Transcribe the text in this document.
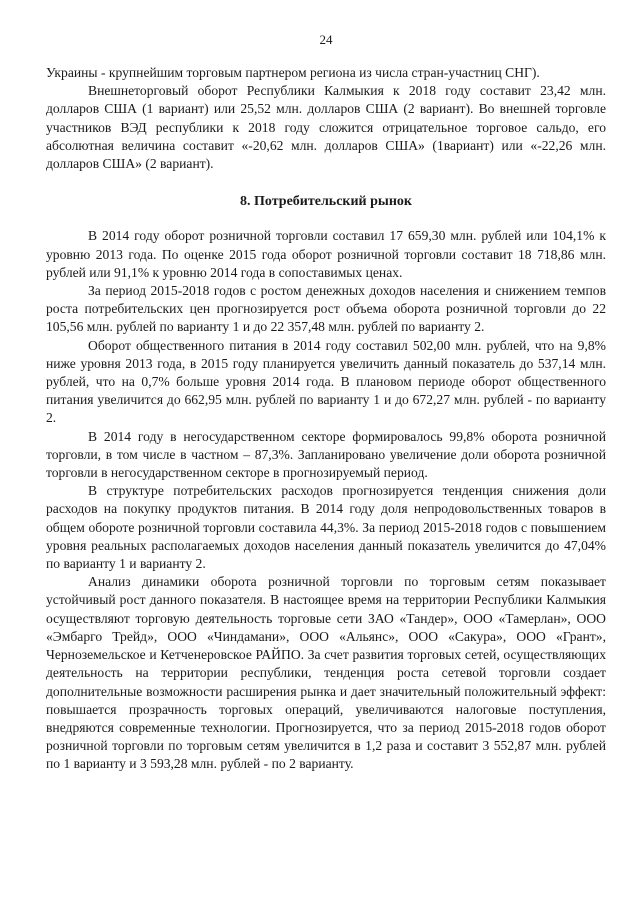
24

Украины - крупнейшим торговым партнером региона из числа стран-участниц СНГ).

Внешнеторговый оборот Республики Калмыкия к 2018 году составит 23,42 млн. долларов США (1 вариант) или 25,52 млн. долларов США (2 вариант). Во внешней торговле участников ВЭД республики к 2018 году сложится отрицательное торговое сальдо, его абсолютная величина составит «-20,62 млн. долларов США» (1вариант) или «-22,26 млн. долларов США» (2 вариант).

8. Потребительский рынок

В 2014 году оборот розничной торговли составил 17 659,30 млн. рублей или 104,1% к уровню 2013 года. По оценке 2015 года оборот розничной торговли составит 18 718,86 млн. рублей или 91,1% к уровню 2014 года в сопоставимых ценах.

За период 2015-2018 годов с ростом денежных доходов населения и снижением темпов роста потребительских цен прогнозируется рост объема оборота розничной торговли до 22 105,56 млн. рублей по варианту 1 и до 22 357,48 млн. рублей по варианту 2.

Оборот общественного питания в 2014 году составил 502,00 млн. рублей, что на 9,8% ниже уровня 2013 года, в 2015 году планируется увеличить данный показатель до 537,14 млн. рублей, что на 0,7% больше уровня 2014 года. В плановом периоде оборот общественного питания увеличится до 662,95 млн. рублей по варианту 1 и до 672,27 млн. рублей - по варианту 2.

В 2014 году в негосударственном секторе формировалось 99,8% оборота розничной торговли, в том числе в частном – 87,3%. Запланировано увеличение доли оборота розничной торговли в негосударственном секторе в прогнозируемый период.

В структуре потребительских расходов прогнозируется тенденция снижения доли расходов на покупку продуктов питания. В 2014 году доля непродовольственных товаров в общем обороте розничной торговли составила 44,3%. За период 2015-2018 годов с повышением уровня реальных располагаемых доходов населения данный показатель увеличится до 47,04% по варианту 1 и варианту 2.

Анализ динамики оборота розничной торговли по торговым сетям показывает устойчивый рост данного показателя. В настоящее время на территории Республики Калмыкия осуществляют торговую деятельность торговые сети ЗАО «Тандер», ООО «Тамерлан», ООО «Эмбарго Трейд», ООО «Чиндамани», ООО «Альянс», ООО «Сакура», ООО «Грант», Черноземельское и Кетченеровское РАЙПО. За счет развития торговых сетей, осуществляющих деятельность на территории республики, тенденция роста сетевой торговли создает дополнительные возможности расширения рынка и дает значительный положительный эффект: повышается прозрачность торговых операций, увеличиваются налоговые поступления, внедряются современные технологии. Прогнозируется, что за период 2015-2018 годов оборот розничной торговли по торговым сетям увеличится в 1,2 раза и составит 3 552,87 млн. рублей по 1 варианту и 3 593,28 млн. рублей - по 2 варианту.
